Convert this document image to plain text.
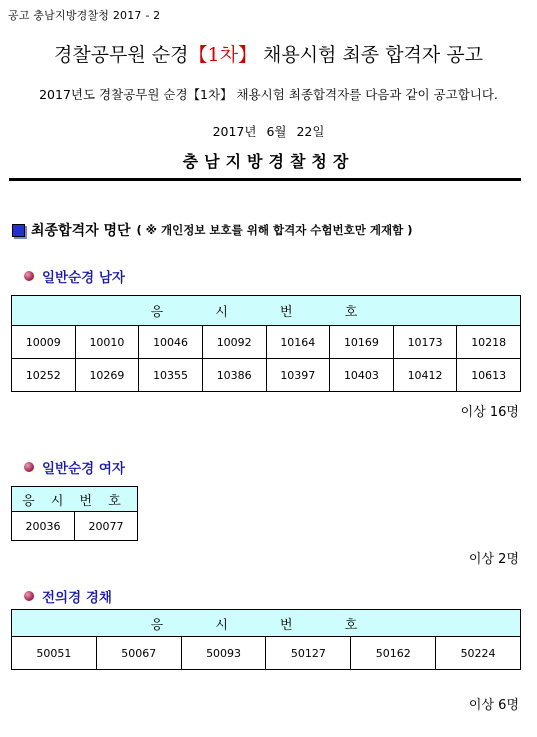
공고 충남지방경찰청 2017 - 2
경찰공무원 순경【1차】 채용시험 최종 합격자 공고
2017년도 경찰공무원 순경【1차】 채용시험 최종합격자를 다음과 같이 공고합니다.
2017년 6월 22일
충남지방경찰청장
최종합격자 명단 ( ※ 개인정보 보호를 위해 합격자 수험번호만 게재함 )
일반순경 남자
응 시 번 호							
10009	10010	10046	10092	10164	10169	10173	10218
10252	10269	10355	10386	10397	10403	10412	10613
이상 16명
일반순경 여자
응 시 번 호
20036	20077
이상 2명
전의경 경채
응 시 번 호
50051	50067	50093	50127	50162	50224
이상 6명
